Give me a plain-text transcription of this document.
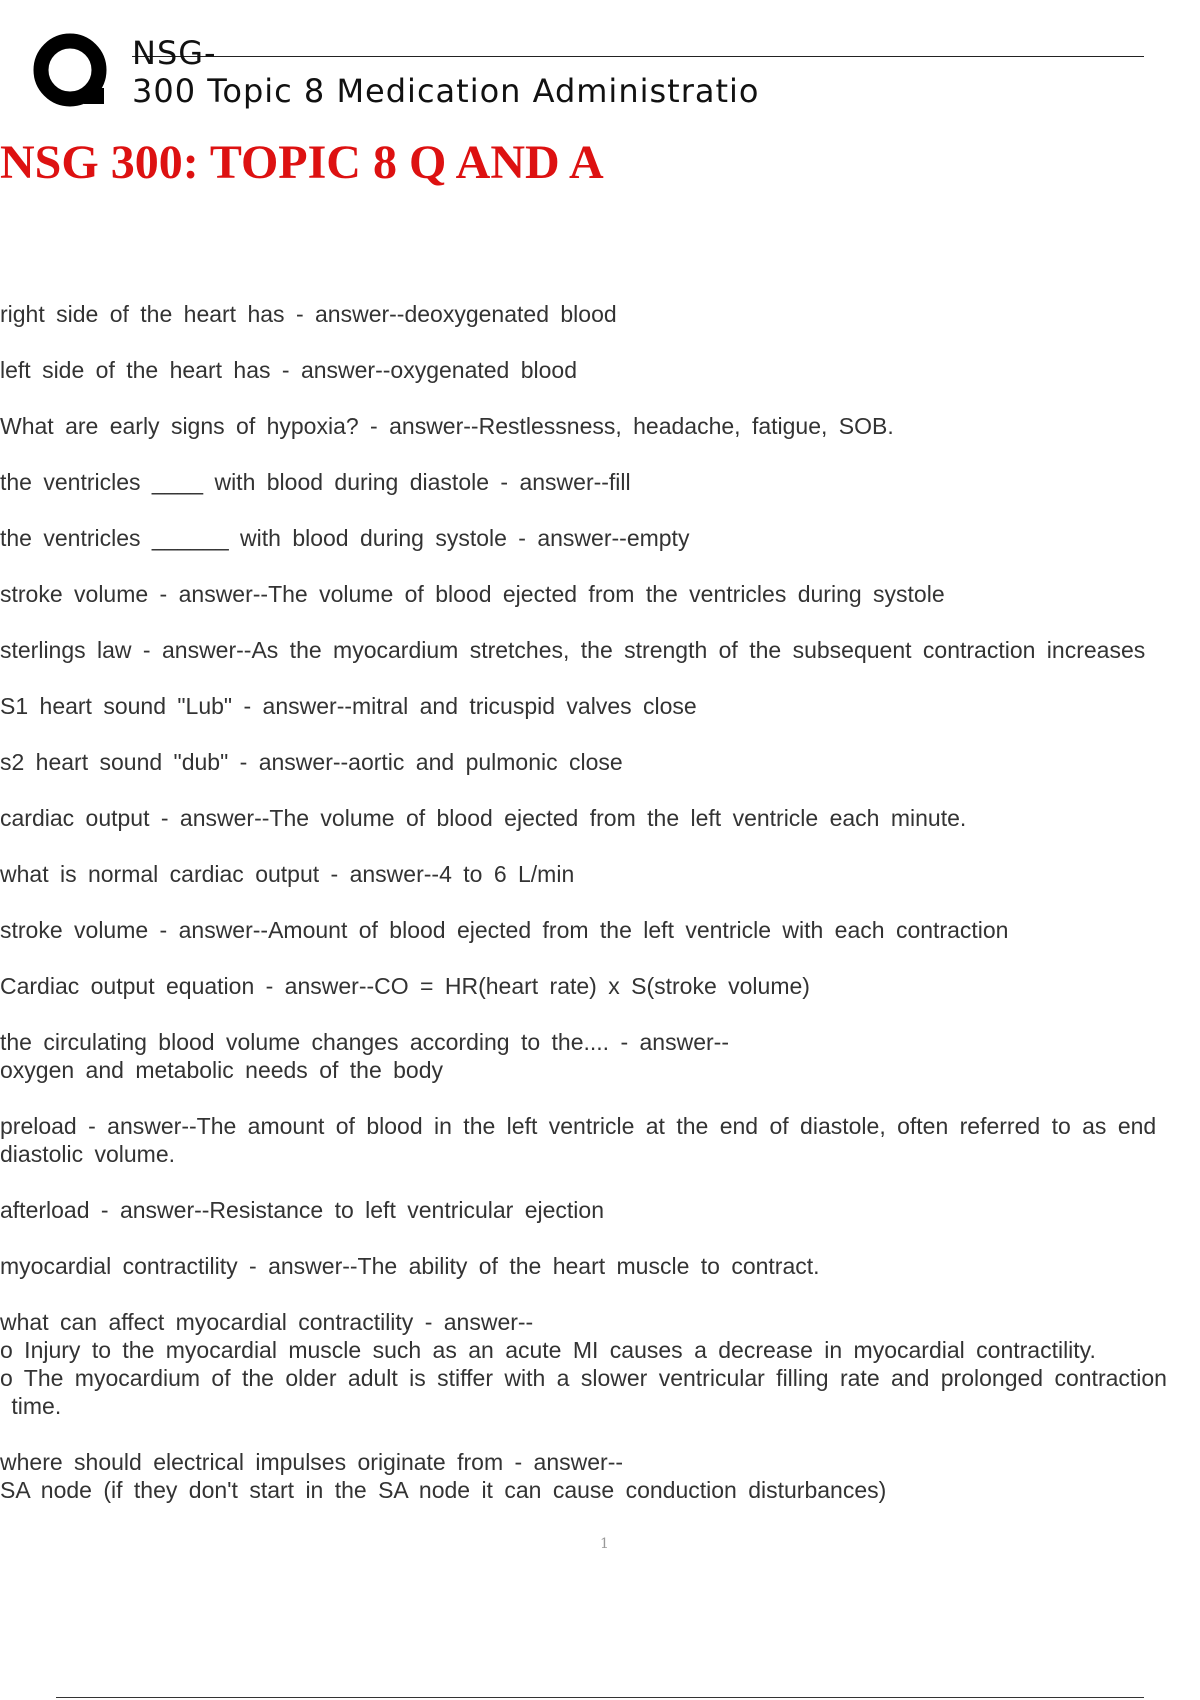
NSG-
300 Topic 8 Medication Administratio
NSG 300: TOPIC 8 Q AND A
right side of the heart has - answer--deoxygenated blood
left side of the heart has - answer--oxygenated blood
What are early signs of hypoxia? - answer--Restlessness, headache, fatigue, SOB.
the ventricles ____ with blood during diastole - answer--fill
the ventricles ______ with blood during systole - answer--empty
stroke volume - answer--The volume of blood ejected from the ventricles during systole
sterlings law - answer--As the myocardium stretches, the strength of the subsequent contraction increases
S1 heart sound "Lub" - answer--mitral and tricuspid valves close
s2 heart sound "dub" - answer--aortic and pulmonic close
cardiac output - answer--The volume of blood ejected from the left ventricle each minute.
what is normal cardiac output - answer--4 to 6 L/min
stroke volume - answer--Amount of blood ejected from the left ventricle with each contraction
Cardiac output equation - answer--CO = HR(heart rate) x S(stroke volume)
the circulating blood volume changes according to the.... - answer--
oxygen and metabolic needs of the body
preload - answer--The amount of blood in the left ventricle at the end of diastole, often referred to as end
diastolic volume.
afterload - answer--Resistance to left ventricular ejection
myocardial contractility - answer--The ability of the heart muscle to contract.
what can affect myocardial contractility - answer--
o Injury to the myocardial muscle such as an acute MI causes a decrease in myocardial contractility.
o The myocardium of the older adult is stiffer with a slower ventricular filling rate and prolonged contraction
time.
where should electrical impulses originate from - answer--
SA node (if they don't start in the SA node it can cause conduction disturbances)
1
